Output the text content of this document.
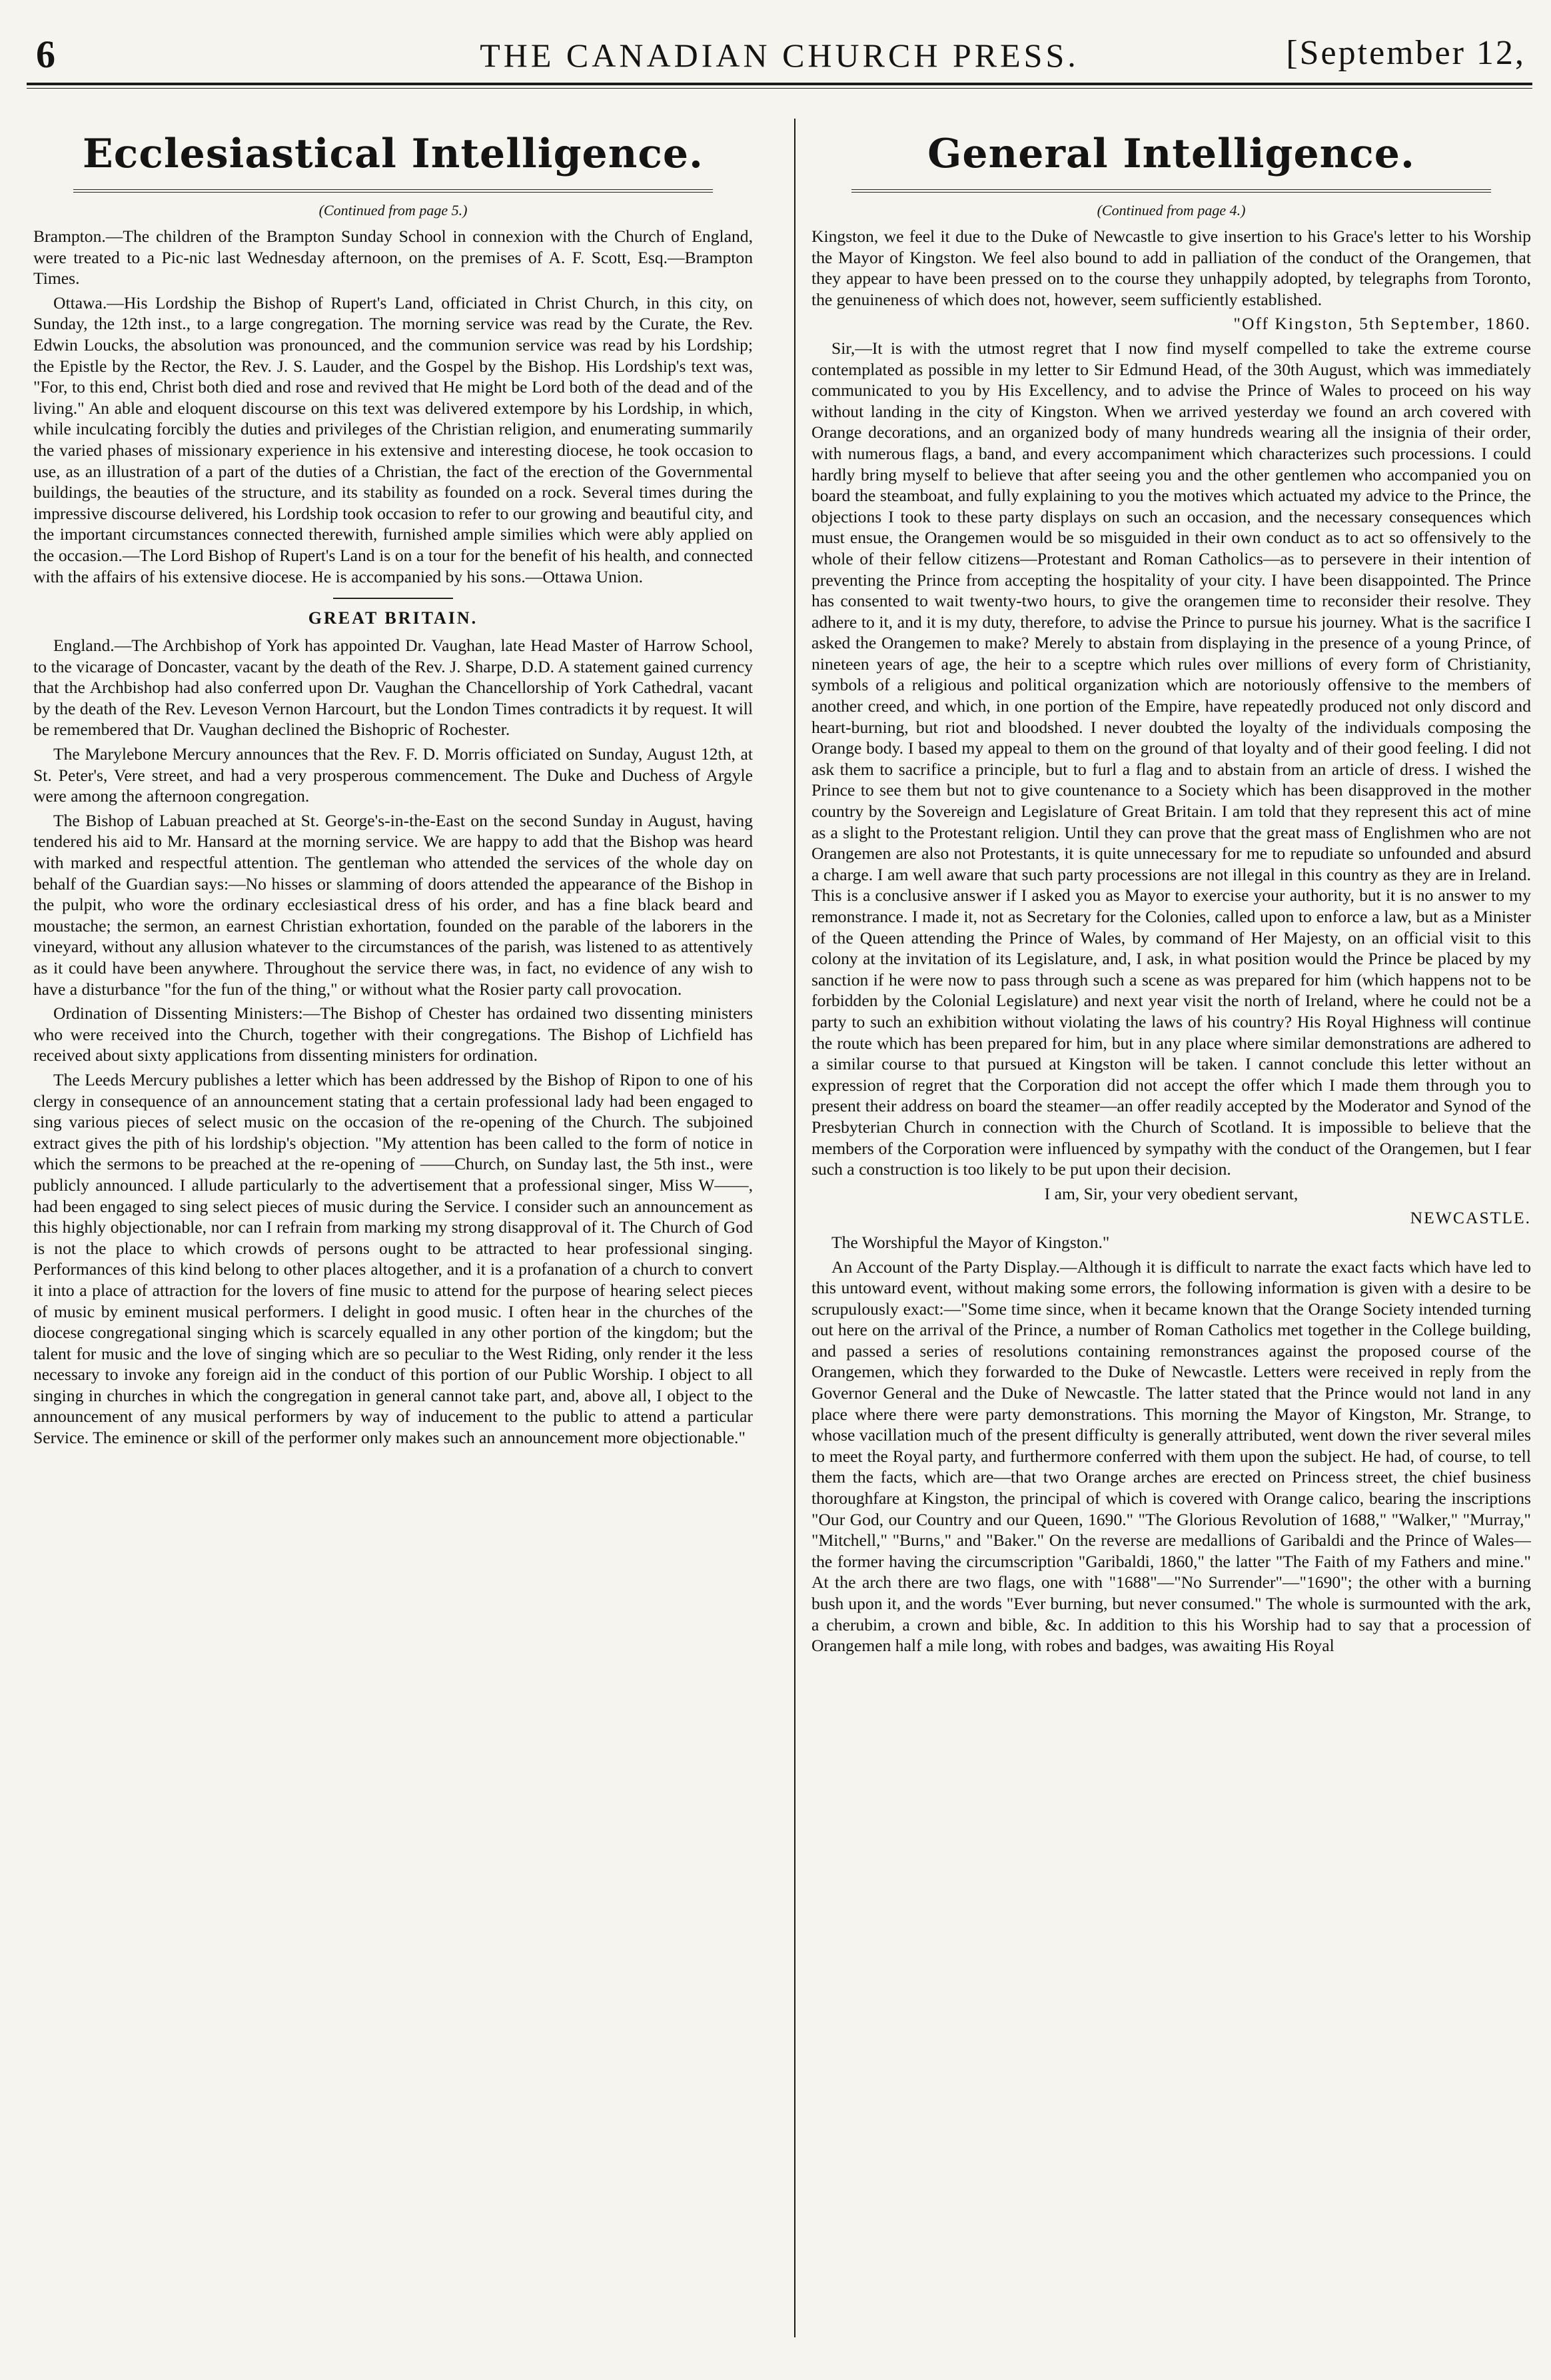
6	THE CANADIAN CHURCH PRESS.	[September 12,
Ecclesiastical Intelligence.
(Continued from page 5.)

Brampton.—The children of the Brampton Sunday School in connexion with the Church of England, were treated to a Pic-nic last Wednesday afternoon, on the premises of A. F. Scott, Esq.—Brampton Times.

Ottawa.—His Lordship the Bishop of Rupert's Land, officiated in Christ Church, in this city, on Sunday, the 12th inst., to a large congregation. The morning service was read by the Curate, the Rev. Edwin Loucks, the absolution was pronounced, and the communion service was read by his Lordship; the Epistle by the Rector, the Rev. J. S. Lauder, and the Gospel by the Bishop. His Lordship's text was, "For, to this end, Christ both died and rose and revived that He might be Lord both of the dead and of the living." An able and eloquent discourse on this text was delivered extempore by his Lordship, in which, while inculcating forcibly the duties and privileges of the Christian religion, and enumerating summarily the varied phases of missionary experience in his extensive and interesting diocese, he took occasion to use, as an illustration of a part of the duties of a Christian, the fact of the erection of the Governmental buildings, the beauties of the structure, and its stability as founded on a rock. Several times during the impressive discourse delivered, his Lordship took occasion to refer to our growing and beautiful city, and the important circumstances connected therewith, furnished ample similies which were ably applied on the occasion.—The Lord Bishop of Rupert's Land is on a tour for the benefit of his health, and connected with the affairs of his extensive diocese. He is accompanied by his sons.—Ottawa Union.

GREAT BRITAIN.

England.—The Archbishop of York has appointed Dr. Vaughan, late Head Master of Harrow School, to the vicarage of Doncaster, vacant by the death of the Rev. J. Sharpe, D.D. A statement gained currency that the Archbishop had also conferred upon Dr. Vaughan the Chancellorship of York Cathedral, vacant by the death of the Rev. Leveson Vernon Harcourt, but the London Times contradicts it by request. It will be remembered that Dr. Vaughan declined the Bishopric of Rochester.

The Marylebone Mercury announces that the Rev. F. D. Morris officiated on Sunday, August 12th, at St. Peter's, Vere street, and had a very prosperous commencement. The Duke and Duchess of Argyle were among the afternoon congregation.

The Bishop of Labuan preached at St. George's-in-the-East on the second Sunday in August, having tendered his aid to Mr. Hansard at the morning service. We are happy to add that the Bishop was heard with marked and respectful attention. The gentleman who attended the services of the whole day on behalf of the Guardian says:—No hisses or slamming of doors attended the appearance of the Bishop in the pulpit, who wore the ordinary ecclesiastical dress of his order, and has a fine black beard and moustache; the sermon, an earnest Christian exhortation, founded on the parable of the laborers in the vineyard, without any allusion whatever to the circumstances of the parish, was listened to as attentively as it could have been anywhere. Throughout the service there was, in fact, no evidence of any wish to have a disturbance "for the fun of the thing," or without what the Rosier party call provocation.

Ordination of Dissenting Ministers:—The Bishop of Chester has ordained two dissenting ministers who were received into the Church, together with their congregations. The Bishop of Lichfield has received about sixty applications from dissenting ministers for ordination.

The Leeds Mercury publishes a letter which has been addressed by the Bishop of Ripon to one of his clergy in consequence of an announcement stating that a certain professional lady had been engaged to sing various pieces of select music on the occasion of the re-opening of the Church. The subjoined extract gives the pith of his lordship's objection. "My attention has been called to the form of notice in which the sermons to be preached at the re-opening of ——Church, on Sunday last, the 5th inst., were publicly announced. I allude particularly to the advertisement that a professional singer, Miss W——, had been engaged to sing select pieces of music during the Service. I consider such an announcement as this highly objectionable, nor can I refrain from marking my strong disapproval of it. The Church of God is not the place to which crowds of persons ought to be attracted to hear professional singing. Performances of this kind belong to other places altogether, and it is a profanation of a church to convert it into a place of attraction for the lovers of fine music to attend for the purpose of hearing select pieces of music by eminent musical performers. I delight in good music. I often hear in the churches of the diocese congregational singing which is scarcely equalled in any other portion of the kingdom; but the talent for music and the love of singing which are so peculiar to the West Riding, only render it the less necessary to invoke any foreign aid in the conduct of this portion of our Public Worship. I object to all singing in churches in which the congregation in general cannot take part, and, above all, I object to the announcement of any musical performers by way of inducement to the public to attend a particular Service. The eminence or skill of the performer only makes such an announcement more objectionable."

General Intelligence.
(Continued from page 4.)

Kingston, we feel it due to the Duke of Newcastle to give insertion to his Grace's letter to his Worship the Mayor of Kingston. We feel also bound to add in palliation of the conduct of the Orangemen, that they appear to have been pressed on to the course they unhappily adopted, by telegraphs from Toronto, the genuineness of which does not, however, seem sufficiently established.

"Off Kingston, 5th September, 1860.

Sir,—It is with the utmost regret that I now find myself compelled to take the extreme course contemplated as possible in my letter to Sir Edmund Head, of the 30th August, which was immediately communicated to you by His Excellency, and to advise the Prince of Wales to proceed on his way without landing in the city of Kingston. When we arrived yesterday we found an arch covered with Orange decorations, and an organized body of many hundreds wearing all the insignia of their order, with numerous flags, a band, and every accompaniment which characterizes such processions. I could hardly bring myself to believe that after seeing you and the other gentlemen who accompanied you on board the steamboat, and fully explaining to you the motives which actuated my advice to the Prince, the objections I took to these party displays on such an occasion, and the necessary consequences which must ensue, the Orangemen would be so misguided in their own conduct as to act so offensively to the whole of their fellow citizens—Protestant and Roman Catholics—as to persevere in their intention of preventing the Prince from accepting the hospitality of your city. I have been disappointed. The Prince has consented to wait twenty-two hours, to give the orangemen time to reconsider their resolve. They adhere to it, and it is my duty, therefore, to advise the Prince to pursue his journey. What is the sacrifice I asked the Orangemen to make? Merely to abstain from displaying in the presence of a young Prince, of nineteen years of age, the heir to a sceptre which rules over millions of every form of Christianity, symbols of a religious and political organization which are notoriously offensive to the members of another creed, and which, in one portion of the Empire, have repeatedly produced not only discord and heart-burning, but riot and bloodshed. I never doubted the loyalty of the individuals composing the Orange body. I based my appeal to them on the ground of that loyalty and of their good feeling. I did not ask them to sacrifice a principle, but to furl a flag and to abstain from an article of dress. I wished the Prince to see them but not to give countenance to a Society which has been disapproved in the mother country by the Sovereign and Legislature of Great Britain. I am told that they represent this act of mine as a slight to the Protestant religion. Until they can prove that the great mass of Englishmen who are not Orangemen are also not Protestants, it is quite unnecessary for me to repudiate so unfounded and absurd a charge. I am well aware that such party processions are not illegal in this country as they are in Ireland. This is a conclusive answer if I asked you as Mayor to exercise your authority, but it is no answer to my remonstrance. I made it, not as Secretary for the Colonies, called upon to enforce a law, but as a Minister of the Queen attending the Prince of Wales, by command of Her Majesty, on an official visit to this colony at the invitation of its Legislature, and, I ask, in what position would the Prince be placed by my sanction if he were now to pass through such a scene as was prepared for him (which happens not to be forbidden by the Colonial Legislature) and next year visit the north of Ireland, where he could not be a party to such an exhibition without violating the laws of his country? His Royal Highness will continue the route which has been prepared for him, but in any place where similar demonstrations are adhered to a similar course to that pursued at Kingston will be taken. I cannot conclude this letter without an expression of regret that the Corporation did not accept the offer which I made them through you to present their address on board the steamer—an offer readily accepted by the Moderator and Synod of the Presbyterian Church in connection with the Church of Scotland. It is impossible to believe that the members of the Corporation were influenced by sympathy with the conduct of the Orangemen, but I fear such a construction is too likely to be put upon their decision.

I am, Sir, your very obedient servant,

NEWCASTLE.

The Worshipful the Mayor of Kingston."

An Account of the Party Display.—Although it is difficult to narrate the exact facts which have led to this untoward event, without making some errors, the following information is given with a desire to be scrupulously exact:—"Some time since, when it became known that the Orange Society intended turning out here on the arrival of the Prince, a number of Roman Catholics met together in the College building, and passed a series of resolutions containing remonstrances against the proposed course of the Orangemen, which they forwarded to the Duke of Newcastle. Letters were received in reply from the Governor General and the Duke of Newcastle. The latter stated that the Prince would not land in any place where there were party demonstrations. This morning the Mayor of Kingston, Mr. Strange, to whose vacillation much of the present difficulty is generally attributed, went down the river several miles to meet the Royal party, and furthermore conferred with them upon the subject. He had, of course, to tell them the facts, which are—that two Orange arches are erected on Princess street, the chief business thoroughfare at Kingston, the principal of which is covered with Orange calico, bearing the inscriptions "Our God, our Country and our Queen, 1690." "The Glorious Revolution of 1688," "Walker," "Murray," "Mitchell," "Burns," and "Baker." On the reverse are medallions of Garibaldi and the Prince of Wales—the former having the circumscription "Garibaldi, 1860," the latter "The Faith of my Fathers and mine." At the arch there are two flags, one with "1688"—"No Surrender"—"1690"; the other with a burning bush upon it, and the words "Ever burning, but never consumed." The whole is surmounted with the ark, a cherubim, a crown and bible, &c. In addition to this his Worship had to say that a procession of Orangemen half a mile long, with robes and badges, was awaiting His Royal
